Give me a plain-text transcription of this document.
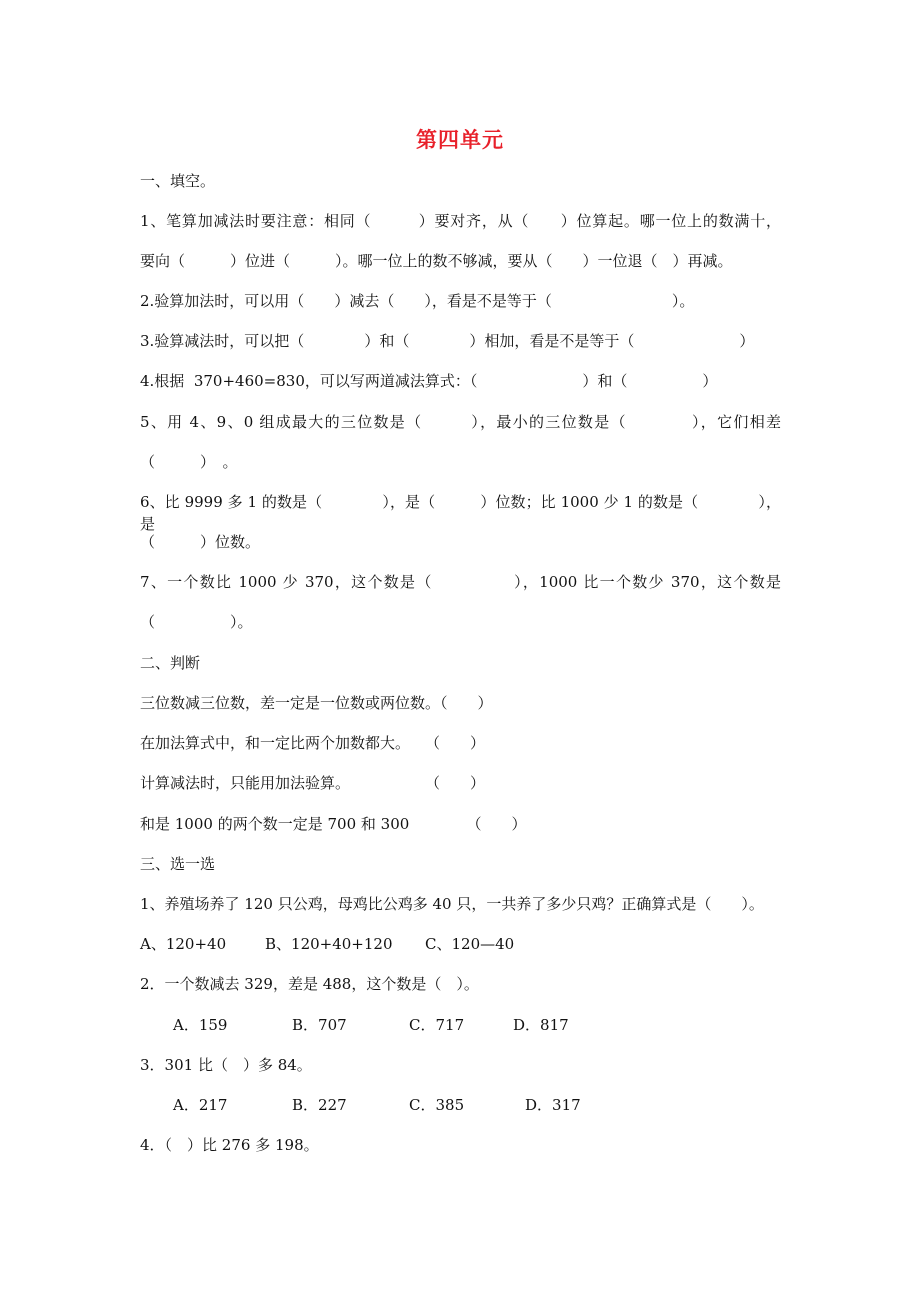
第四单元
一、填空。
1、笔算加减法时要注意：相同（　　　）要对齐，从（　　）位算起。哪一位上的数满十，
要向（　　　）位进（　　　）。哪一位上的数不够减，要从（　　）一位退（　）再减。
2.验算加法时，可以用（　　）减去（　　），看是不是等于（　　　　　　　　）。
3.验算减法时，可以把（　　　　）和（　　　　）相加，看是不是等于（　　　　　　　）
4.根据  370+460=830，可以写两道减法算式：（　　　　　　　）和（　　　　　）
5、用 4、9、0 组成最大的三位数是（　　　），最小的三位数是（　　　　），它们相差
（　　　）　。
6、比 9999 多 1 的数是（　　　　），是（　　　）位数；比 1000 少 1 的数是（　　　　），是
（　　　）位数。
7、一个数比 1000 少 370，这个数是（　　　　　），1000 比一个数少 370，这个数是
（　　　　　）。
二、判断
三位数减三位数，差一定是一位数或两位数。（　　）
在加法算式中，和一定比两个加数都大。　　（　　）
计算减法时，只能用加法验算。　　　　　　（　　）
和是 1000 的两个数一定是 700 和 300 　　　　（　　）
三、选一选
1、养殖场养了 120 只公鸡，母鸡比公鸡多 40 只，一共养了多少只鸡？正确算式是（　　）。
A、120+40	B、120+40+120 C、120—40
2．一个数减去 329，差是 488，这个数是（　）。
A．159	B．707	C．717	D．817
3．301 比（　）多 84。
A．217	B．227	C．385	D．317
4．（　）比 276 多 198。
